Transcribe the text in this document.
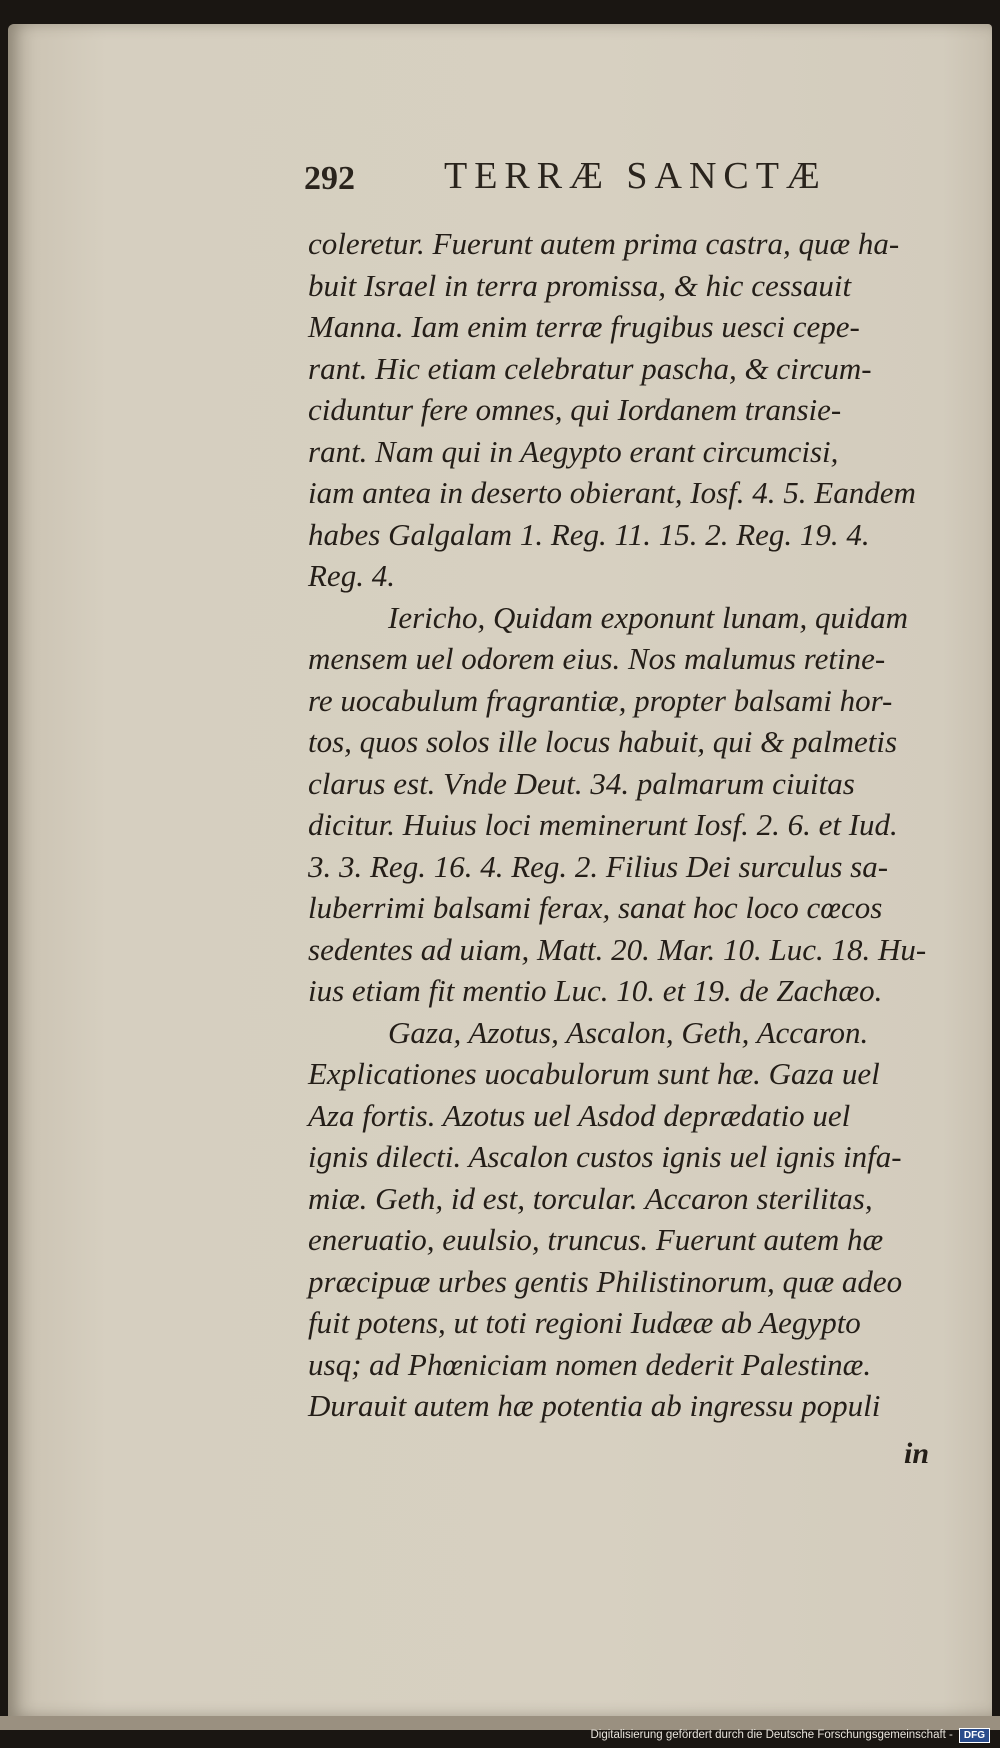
292 TERRÆ SANCTÆ
coleretur. Fuerunt autem prima castra, quæ ha-
buit Israel in terra promissa, & hic cessauit
Manna. Iam enim terræ frugibus uesci cepe-
rant. Hic etiam celebratur pascha, & circum-
ciduntur fere omnes, qui Iordanem transie-
rant. Nam qui in Aegypto erant circumcisi,
iam antea in deserto obierant, Iosf. 4. 5. Eandem
habes Galgalam 1. Reg. 11. 15. 2. Reg. 19. 4.
Reg. 4.
Iericho, Quidam exponunt lunam, quidam
mensem uel odorem eius. Nos malumus retine-
re uocabulum fragrantiæ, propter balsami hor-
tos, quos solos ille locus habuit, qui & palmetis
clarus est. Vnde Deut. 34. palmarum ciuitas
dicitur. Huius loci meminerunt Iosf. 2. 6. et Iud.
3. 3. Reg. 16. 4. Reg. 2. Filius Dei surculus sa-
luberrimi balsami ferax, sanat hoc loco cœcos
sedentes ad uiam, Matt. 20. Mar. 10. Luc. 18. Hu-
ius etiam fit mentio Luc. 10. et 19. de Zachæo.
Gaza, Azotus, Ascalon, Geth, Accaron.
Explicationes uocabulorum sunt hæ. Gaza uel
Aza fortis. Azotus uel Asdod deprædatio uel
ignis dilecti. Ascalon custos ignis uel ignis infa-
miæ. Geth, id est, torcular. Accaron sterilitas,
eneruatio, euulsio, truncus. Fuerunt autem hæ
præcipuæ urbes gentis Philistinorum, quæ adeo
fuit potens, ut toti regioni Iudææ ab Aegypto
usq; ad Phœniciam nomen dederit Palestinæ.
Durauit autem hæ potentia ab ingressu populi
in
Digitalisierung gefördert durch die Deutsche Forschungsgemeinschaft -	DFG
